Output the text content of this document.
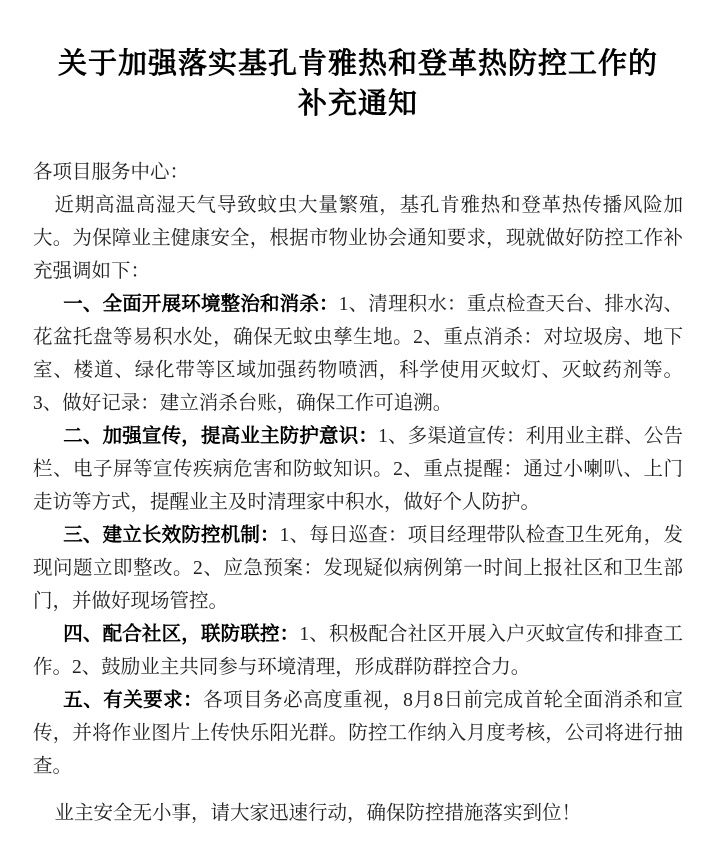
关于加强落实基孔肯雅热和登革热防控工作的
补充通知

各项目服务中心：

近期高温高湿天气导致蚊虫大量繁殖，基孔肯雅热和登革热传播风险加大。为保障业主健康安全，根据市物业协会通知要求，现就做好防控工作补充强调如下：

一、全面开展环境整治和消杀：1、清理积水：重点检查天台、排水沟、花盆托盘等易积水处，确保无蚊虫孳生地。2、重点消杀：对垃圾房、地下室、楼道、绿化带等区域加强药物喷洒，科学使用灭蚊灯、灭蚊药剂等。3、做好记录：建立消杀台账，确保工作可追溯。

二、加强宣传，提高业主防护意识：1、多渠道宣传：利用业主群、公告栏、电子屏等宣传疾病危害和防蚊知识。2、重点提醒：通过小喇叭、上门走访等方式，提醒业主及时清理家中积水，做好个人防护。

三、建立长效防控机制：1、每日巡查：项目经理带队检查卫生死角，发现问题立即整改。2、应急预案：发现疑似病例第一时间上报社区和卫生部门，并做好现场管控。

四、配合社区，联防联控：1、积极配合社区开展入户灭蚊宣传和排查工作。2、鼓励业主共同参与环境清理，形成群防群控合力。

五、有关要求：各项目务必高度重视，8月8日前完成首轮全面消杀和宣传，并将作业图片上传快乐阳光群。防控工作纳入月度考核，公司将进行抽查。

业主安全无小事，请大家迅速行动，确保防控措施落实到位！
